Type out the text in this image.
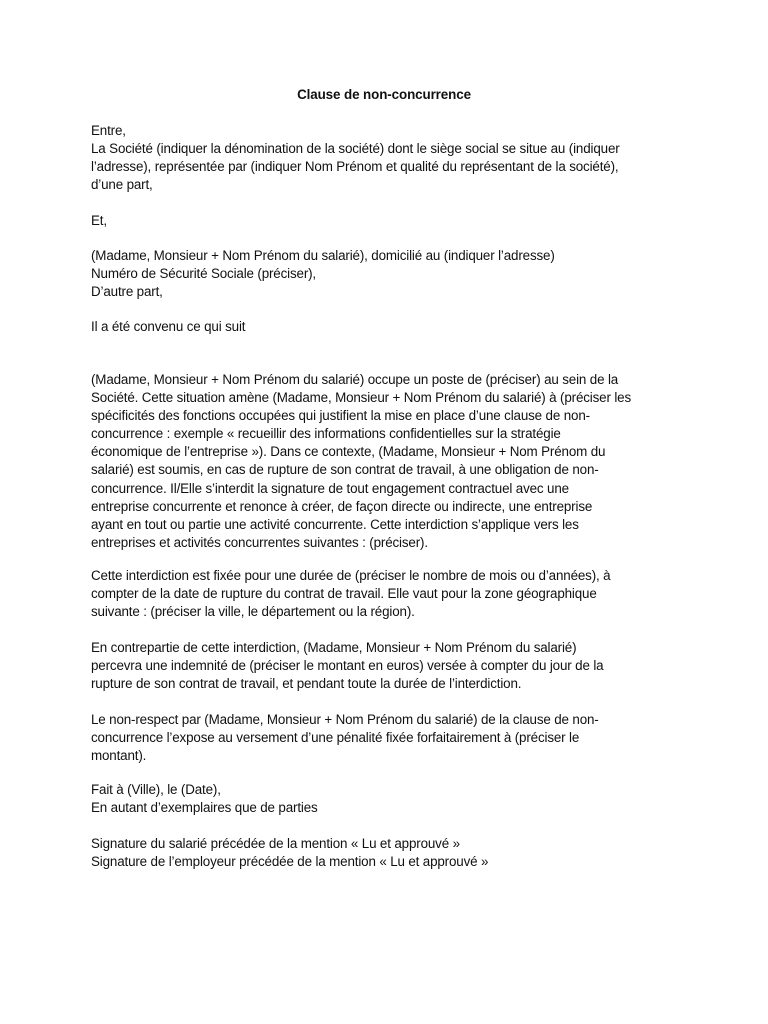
Clause de non-concurrence
Entre,
La Société (indiquer la dénomination de la société) dont le siège social se situe au (indiquer
l’adresse), représentée par (indiquer Nom Prénom et qualité du représentant de la société),
d’une part,
Et,
(Madame, Monsieur + Nom Prénom du salarié), domicilié au (indiquer l’adresse)
Numéro de Sécurité Sociale (préciser),
D’autre part,
Il a été convenu ce qui suit
(Madame, Monsieur + Nom Prénom du salarié) occupe un poste de (préciser) au sein de la
Société. Cette situation amène (Madame, Monsieur + Nom Prénom du salarié) à (préciser les
spécificités des fonctions occupées qui justifient la mise en place d’une clause de non-
concurrence : exemple « recueillir des informations confidentielles sur la stratégie
économique de l’entreprise »). Dans ce contexte, (Madame, Monsieur + Nom Prénom du
salarié) est soumis, en cas de rupture de son contrat de travail, à une obligation de non-
concurrence. Il/Elle s’interdit la signature de tout engagement contractuel avec une
entreprise concurrente et renonce à créer, de façon directe ou indirecte, une entreprise
ayant en tout ou partie une activité concurrente. Cette interdiction s’applique vers les
entreprises et activités concurrentes suivantes : (préciser).
Cette interdiction est fixée pour une durée de (préciser le nombre de mois ou d’années), à
compter de la date de rupture du contrat de travail. Elle vaut pour la zone géographique
suivante : (préciser la ville, le département ou la région).
En contrepartie de cette interdiction, (Madame, Monsieur + Nom Prénom du salarié)
percevra une indemnité de (préciser le montant en euros) versée à compter du jour de la
rupture de son contrat de travail, et pendant toute la durée de l’interdiction.
Le non-respect par (Madame, Monsieur + Nom Prénom du salarié) de la clause de non-
concurrence l’expose au versement d’une pénalité fixée forfaitairement à (préciser le
montant).
Fait à (Ville), le (Date),
En autant d’exemplaires que de parties
Signature du salarié précédée de la mention « Lu et approuvé »
Signature de l’employeur précédée de la mention « Lu et approuvé »
